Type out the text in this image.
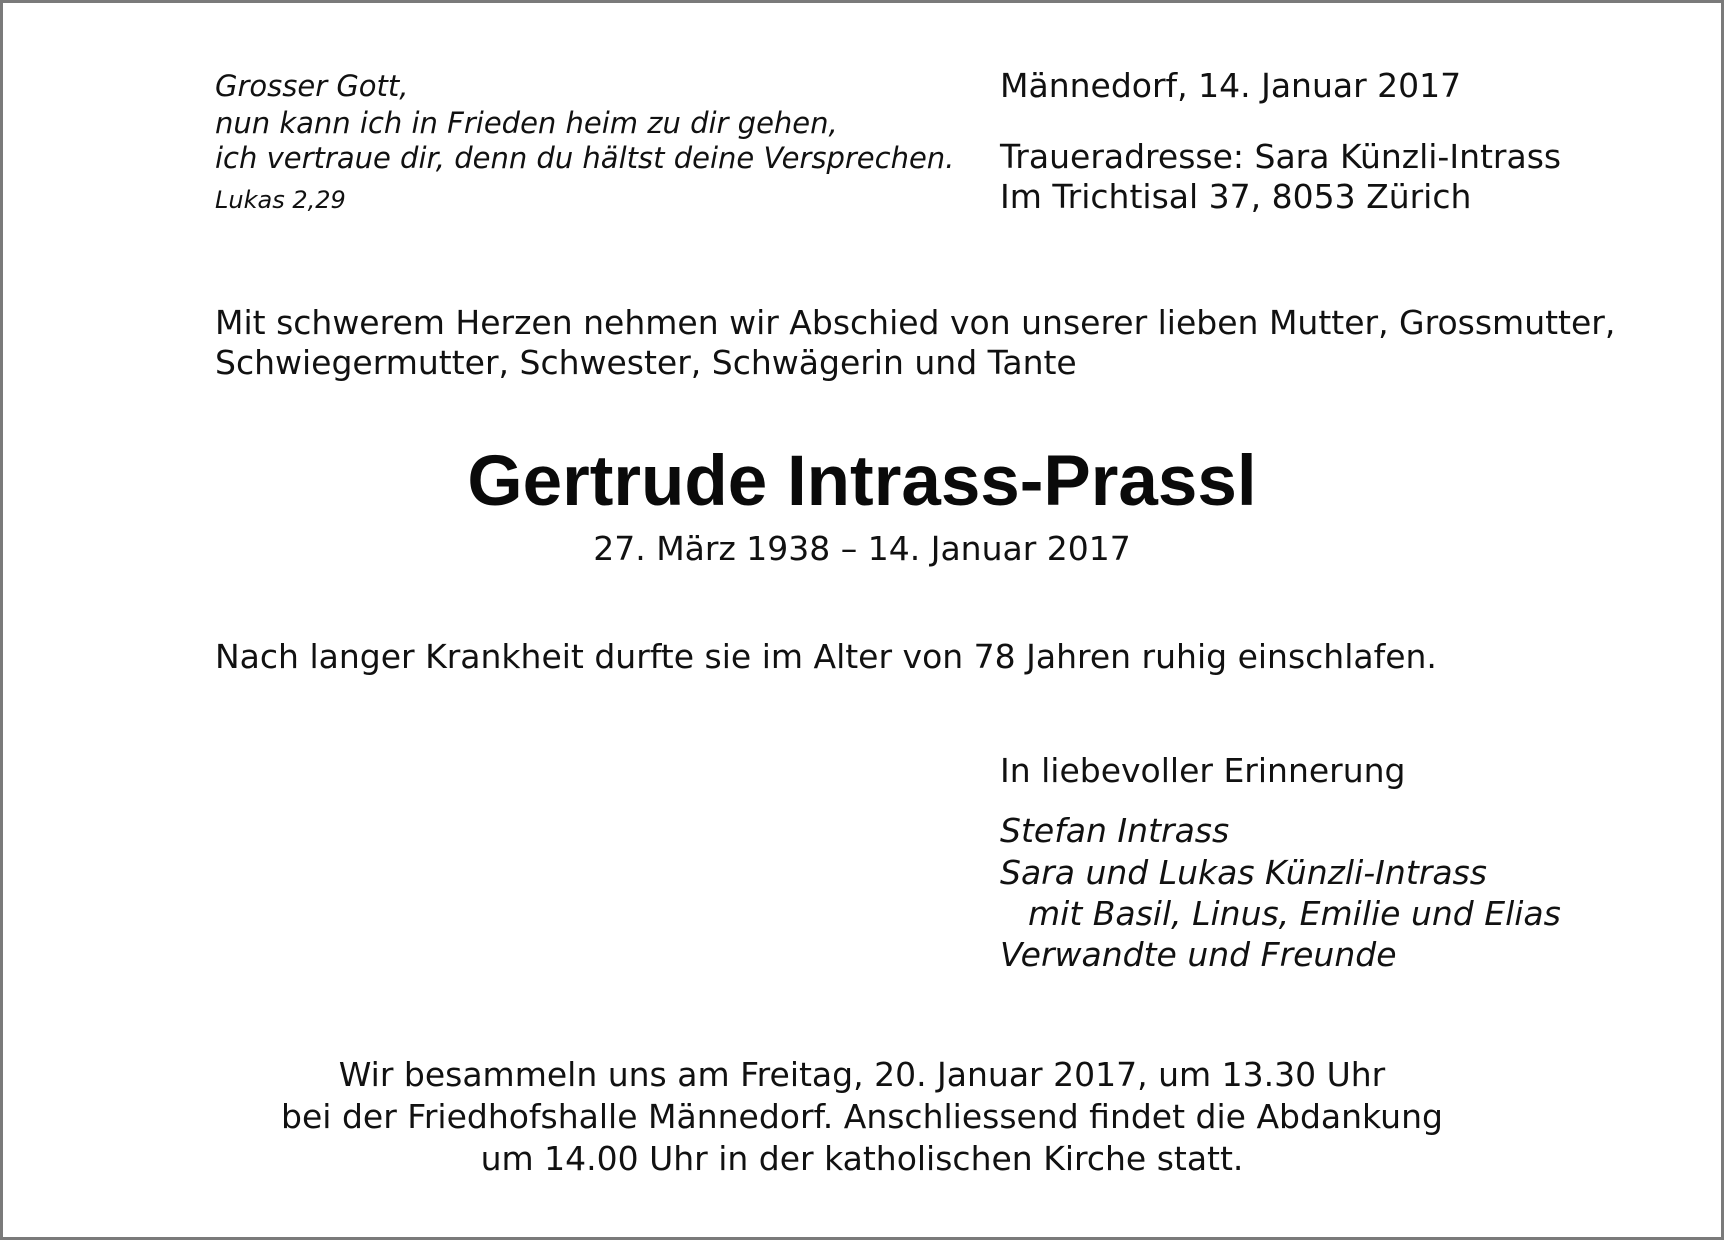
Grosser Gott,
nun kann ich in Frieden heim zu dir gehen,
ich vertraue dir, denn du hältst deine Versprechen.
Lukas 2,29
Männedorf, 14. Januar 2017
Traueradresse: Sara Künzli-Intrass
Im Trichtisal 37, 8053 Zürich
Mit schwerem Herzen nehmen wir Abschied von unserer lieben Mutter, Grossmutter,
Schwiegermutter, Schwester, Schwägerin und Tante
Gertrude Intrass-Prassl
27. März 1938 – 14. Januar 2017
Nach langer Krankheit durfte sie im Alter von 78 Jahren ruhig einschlafen.
In liebevoller Erinnerung
Stefan Intrass
Sara und Lukas Künzli-Intrass
mit Basil, Linus, Emilie und Elias
Verwandte und Freunde
Wir besammeln uns am Freitag, 20. Januar 2017, um 13.30 Uhr
bei der Friedhofshalle Männedorf. Anschliessend findet die Abdankung
um 14.00 Uhr in der katholischen Kirche statt.
